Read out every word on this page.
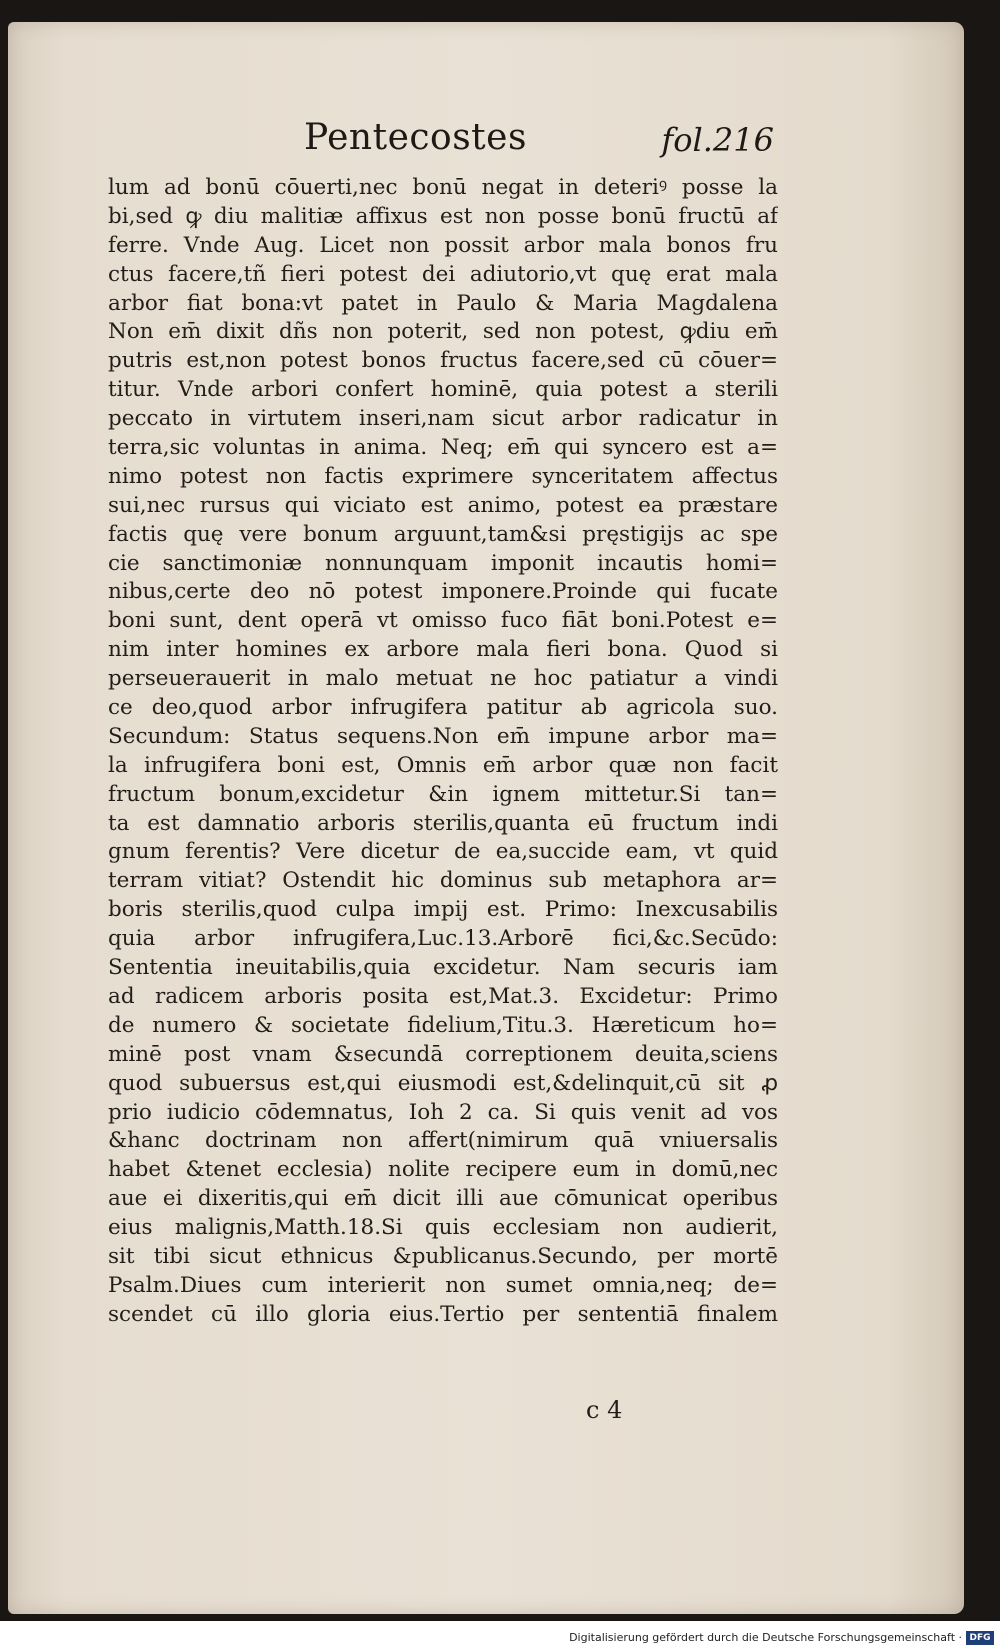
Pentecostes	fol.216
lum ad bonū cōuerti,nec bonū negat in deteriꝰ posse la
bi,sed ꝙ diu malitiæ affixus est non posse bonū fructū af
ferre. Vnde Aug. Licet non possit arbor mala bonos fru
ctus facere,tñ fieri potest dei adiutorio,vt quę erat mala
arbor fiat bona:vt patet in Paulo & Maria Magdalena
Non em̄ dixit dñs non poterit, sed non potest, ꝙdiu em̄
putris est,non potest bonos fructus facere,sed cū cōuer=
titur. Vnde arbori confert hominē, quia potest a sterili
peccato in virtutem inseri,nam sicut arbor radicatur in
terra,sic voluntas in anima. Neq; em̄ qui syncero est a=
nimo potest non factis exprimere synceritatem affectus
sui,nec rursus qui viciato est animo, potest ea præstare
factis quę vere bonum arguunt,tam&si pręstigijs ac spe
cie sanctimoniæ nonnunquam imponit incautis homi=
nibus,certe deo nō potest imponere.Proinde qui fucate
boni sunt, dent operā vt omisso fuco fiāt boni.Potest e=
nim inter homines ex arbore mala fieri bona. Quod si
perseuerauerit in malo metuat ne hoc patiatur a vindi
ce deo,quod arbor infrugifera patitur ab agricola suo.
Secundum: Status sequens.Non em̄ impune arbor ma=
la infrugifera boni est, Omnis em̄ arbor quæ non facit
fructum bonum,excidetur &in ignem mittetur.Si tan=
ta est damnatio arboris sterilis,quanta eū fructum indi
gnum ferentis? Vere dicetur de ea,succide eam, vt quid
terram vitiat? Ostendit hic dominus sub metaphora ar=
boris sterilis,quod culpa impij est. Primo: Inexcusabilis
quia arbor infrugifera,Luc.13.Arborē fici,&c.Secūdo:
Sententia ineuitabilis,quia excidetur. Nam securis iam
ad radicem arboris posita est,Mat.3. Excidetur: Primo
de numero & societate fidelium,Titu.3. Hæreticum ho=
minē post vnam &secundā correptionem deuita,sciens
quod subuersus est,qui eiusmodi est,&delinquit,cū sit ꝓ
prio iudicio cōdemnatus, Ioh 2 ca. Si quis venit ad vos
&hanc doctrinam non affert(nimirum quā vniuersalis
habet &tenet ecclesia) nolite recipere eum in domū,nec
aue ei dixeritis,qui em̄ dicit illi aue cōmunicat operibus
eius malignis,Matth.18.Si quis ecclesiam non audierit,
sit tibi sicut ethnicus &publicanus.Secundo, per mortē
Psalm.Diues cum interierit non sumet omnia,neq; de=
scendet cū illo gloria eius.Tertio per sententiā finalem
c 4
Digitalisierung gefördert durch die Deutsche Forschungsgemeinschaft · DFG
